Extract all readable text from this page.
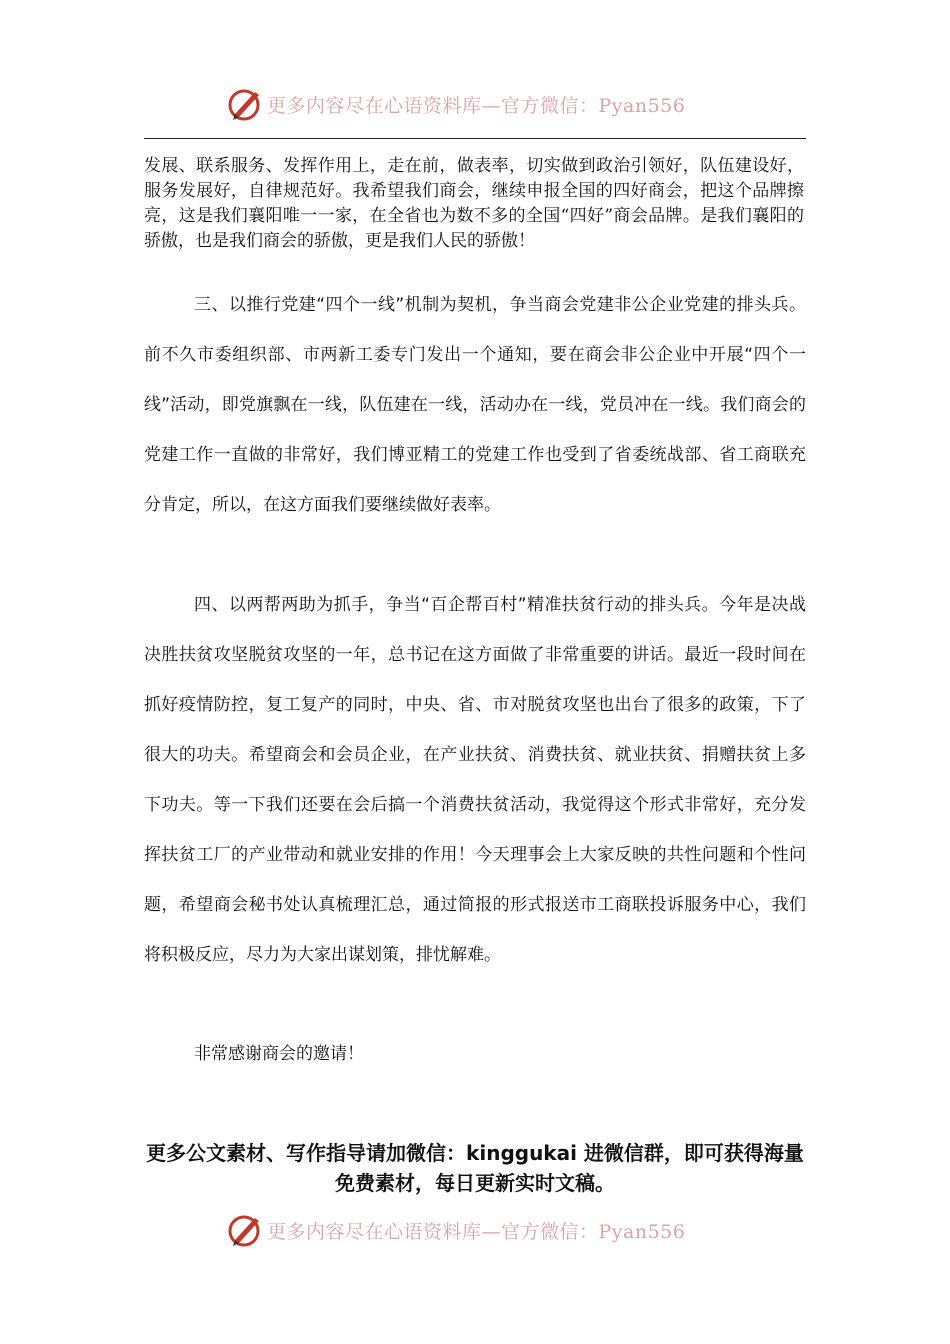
更多内容尽在心语资料库—官方微信：Pyan556

发展、联系服务、发挥作用上，走在前，做表率，切实做到政治引领好，队伍建设好，服务发展好，自律规范好。我希望我们商会，继续申报全国的四好商会，把这个品牌擦亮，这是我们襄阳唯一一家，在全省也为数不多的全国“四好”商会品牌。是我们襄阳的骄傲，也是我们商会的骄傲，更是我们人民的骄傲！

三、以推行党建“四个一线”机制为契机，争当商会党建非公企业党建的排头兵。前不久市委组织部、市两新工委专门发出一个通知，要在商会非公企业中开展“四个一线”活动，即党旗飘在一线，队伍建在一线，活动办在一线，党员冲在一线。我们商会的党建工作一直做的非常好，我们博亚精工的党建工作也受到了省委统战部、省工商联充分肯定，所以，在这方面我们要继续做好表率。

四、以两帮两助为抓手，争当“百企帮百村”精准扶贫行动的排头兵。今年是决战决胜扶贫攻坚脱贫攻坚的一年，总书记在这方面做了非常重要的讲话。最近一段时间在抓好疫情防控，复工复产的同时，中央、省、市对脱贫攻坚也出台了很多的政策，下了很大的功夫。希望商会和会员企业，在产业扶贫、消费扶贫、就业扶贫、捐赠扶贫上多下功夫。等一下我们还要在会后搞一个消费扶贫活动，我觉得这个形式非常好，充分发挥扶贫工厂的产业带动和就业安排的作用！今天理事会上大家反映的共性问题和个性问题，希望商会秘书处认真梳理汇总，通过简报的形式报送市工商联投诉服务中心，我们将积极反应，尽力为大家出谋划策，排忧解难。

非常感谢商会的邀请！

更多公文素材、写作指导请加微信：kinggukai 进微信群，即可获得海量免费素材，每日更新实时文稿。

更多内容尽在心语资料库—官方微信：Pyan556
